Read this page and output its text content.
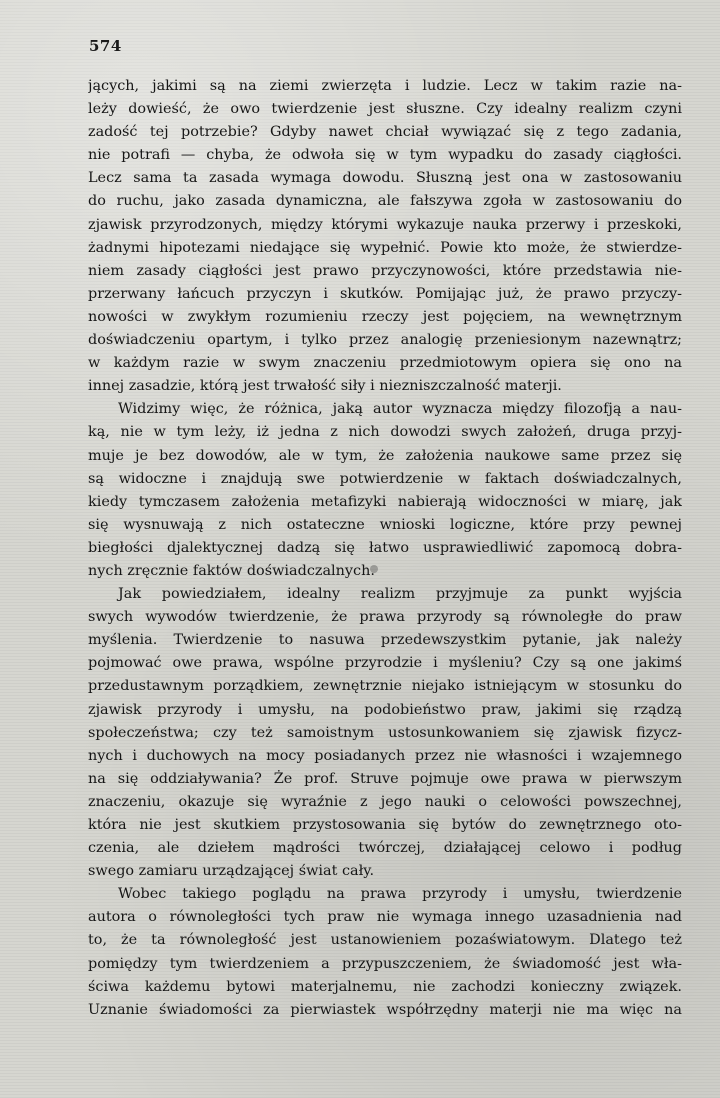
574
jących, jakimi są na ziemi zwierzęta i ludzie. Lecz w takim razie na-
leży dowieść, że owo twierdzenie jest słuszne. Czy idealny realizm czyni
zadość tej potrzebie? Gdyby nawet chciał wywiązać się z tego zadania,
nie potrafi — chyba, że odwoła się w tym wypadku do zasady ciągłości.
Lecz sama ta zasada wymaga dowodu. Słuszną jest ona w zastosowaniu
do ruchu, jako zasada dynamiczna, ale fałszywa zgoła w zastosowaniu do
zjawisk przyrodzonych, między którymi wykazuje nauka przerwy i przeskoki,
żadnymi hipotezami niedające się wypełnić. Powie kto może, że stwierdze-
niem zasady ciągłości jest prawo przyczynowości, które przedstawia nie-
przerwany łańcuch przyczyn i skutków. Pomijając już, że prawo przyczy-
nowości w zwykłym rozumieniu rzeczy jest pojęciem, na wewnętrznym
doświadczeniu opartym, i tylko przez analogię przeniesionym nazewnątrz;
w każdym razie w swym znaczeniu przedmiotowym opiera się ono na
innej zasadzie, którą jest trwałość siły i niezniszczalność materji.
Widzimy więc, że różnica, jaką autor wyznacza między filozofją a nau-
ką, nie w tym leży, iż jedna z nich dowodzi swych założeń, druga przyj-
muje je bez dowodów, ale w tym, że założenia naukowe same przez się
są widoczne i znajdują swe potwierdzenie w faktach doświadczalnych,
kiedy tymczasem założenia metafizyki nabierają widoczności w miarę, jak
się wysnuwają z nich ostateczne wnioski logiczne, które przy pewnej
biegłości djalektycznej dadzą się łatwo usprawiedliwić zapomocą dobra-
nych zręcznie faktów doświadczalnych.
Jak powiedziałem, idealny realizm przyjmuje za punkt wyjścia
swych wywodów twierdzenie, że prawa przyrody są równoległe do praw
myślenia. Twierdzenie to nasuwa przedewszystkim pytanie, jak należy
pojmować owe prawa, wspólne przyrodzie i myśleniu? Czy są one jakimś
przedustawnym porządkiem, zewnętrznie niejako istniejącym w stosunku do
zjawisk przyrody i umysłu, na podobieństwo praw, jakimi się rządzą
społeczeństwa; czy też samoistnym ustosunkowaniem się zjawisk fizycz-
nych i duchowych na mocy posiadanych przez nie własności i wzajemnego
na się oddziaływania? Że prof. Struve pojmuje owe prawa w pierwszym
znaczeniu, okazuje się wyraźnie z jego nauki o celowości powszechnej,
która nie jest skutkiem przystosowania się bytów do zewnętrznego oto-
czenia, ale dziełem mądrości twórczej, działającej celowo i podług
swego zamiaru urządzającej świat cały.
Wobec takiego poglądu na prawa przyrody i umysłu, twierdzenie
autora o równoległości tych praw nie wymaga innego uzasadnienia nad
to, że ta równoległość jest ustanowieniem pozaświatowym. Dlatego też
pomiędzy tym twierdzeniem a przypuszczeniem, że świadomość jest wła-
ściwa każdemu bytowi materjalnemu, nie zachodzi konieczny związek.
Uznanie świadomości za pierwiastek współrzędny materji nie ma więc na
